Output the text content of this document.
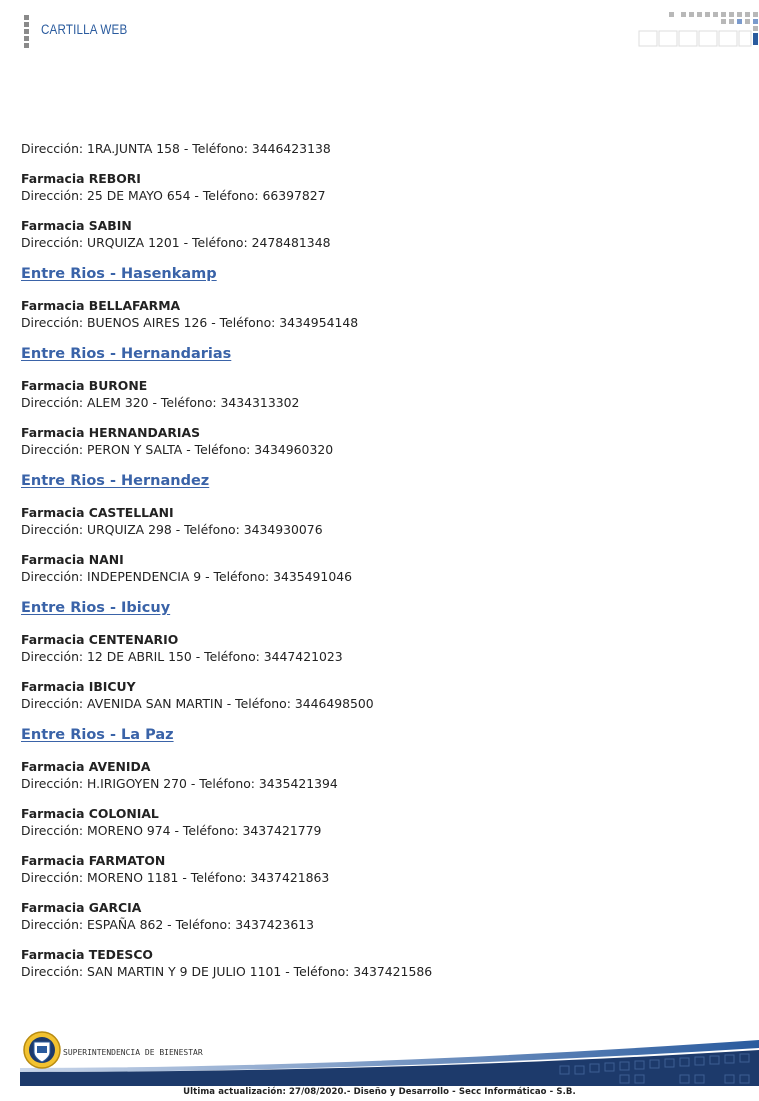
CARTILLA WEB
Dirección: 1RA.JUNTA 158 - Teléfono: 3446423138
Farmacia REBORI
Dirección: 25 DE MAYO 654 - Teléfono: 66397827
Farmacia SABIN
Dirección: URQUIZA 1201 - Teléfono: 2478481348
Entre Rios - Hasenkamp
Farmacia BELLAFARMA
Dirección: BUENOS AIRES 126 - Teléfono: 3434954148
Entre Rios - Hernandarias
Farmacia BURONE
Dirección: ALEM 320 - Teléfono: 3434313302
Farmacia HERNANDARIAS
Dirección: PERON Y SALTA - Teléfono: 3434960320
Entre Rios - Hernandez
Farmacia CASTELLANI
Dirección: URQUIZA 298 - Teléfono: 3434930076
Farmacia NANI
Dirección: INDEPENDENCIA 9 - Teléfono: 3435491046
Entre Rios - Ibicuy
Farmacia CENTENARIO
Dirección: 12 DE ABRIL 150 - Teléfono: 3447421023
Farmacia IBICUY
Dirección: AVENIDA SAN MARTIN - Teléfono: 3446498500
Entre Rios - La Paz
Farmacia AVENIDA
Dirección: H.IRIGOYEN 270 - Teléfono: 3435421394
Farmacia COLONIAL
Dirección: MORENO 974 - Teléfono: 3437421779
Farmacia FARMATON
Dirección: MORENO 1181 - Teléfono: 3437421863
Farmacia GARCIA
Dirección: ESPAÑA 862 - Teléfono: 3437423613
Farmacia TEDESCO
Dirección: SAN MARTIN Y 9 DE JULIO 1101 - Teléfono: 3437421586
SUPERINTENDENCIA DE BIENESTAR
Ultima actualización: 27/08/2020.- Diseño y Desarrollo - Secc Informáticao - S.B.
